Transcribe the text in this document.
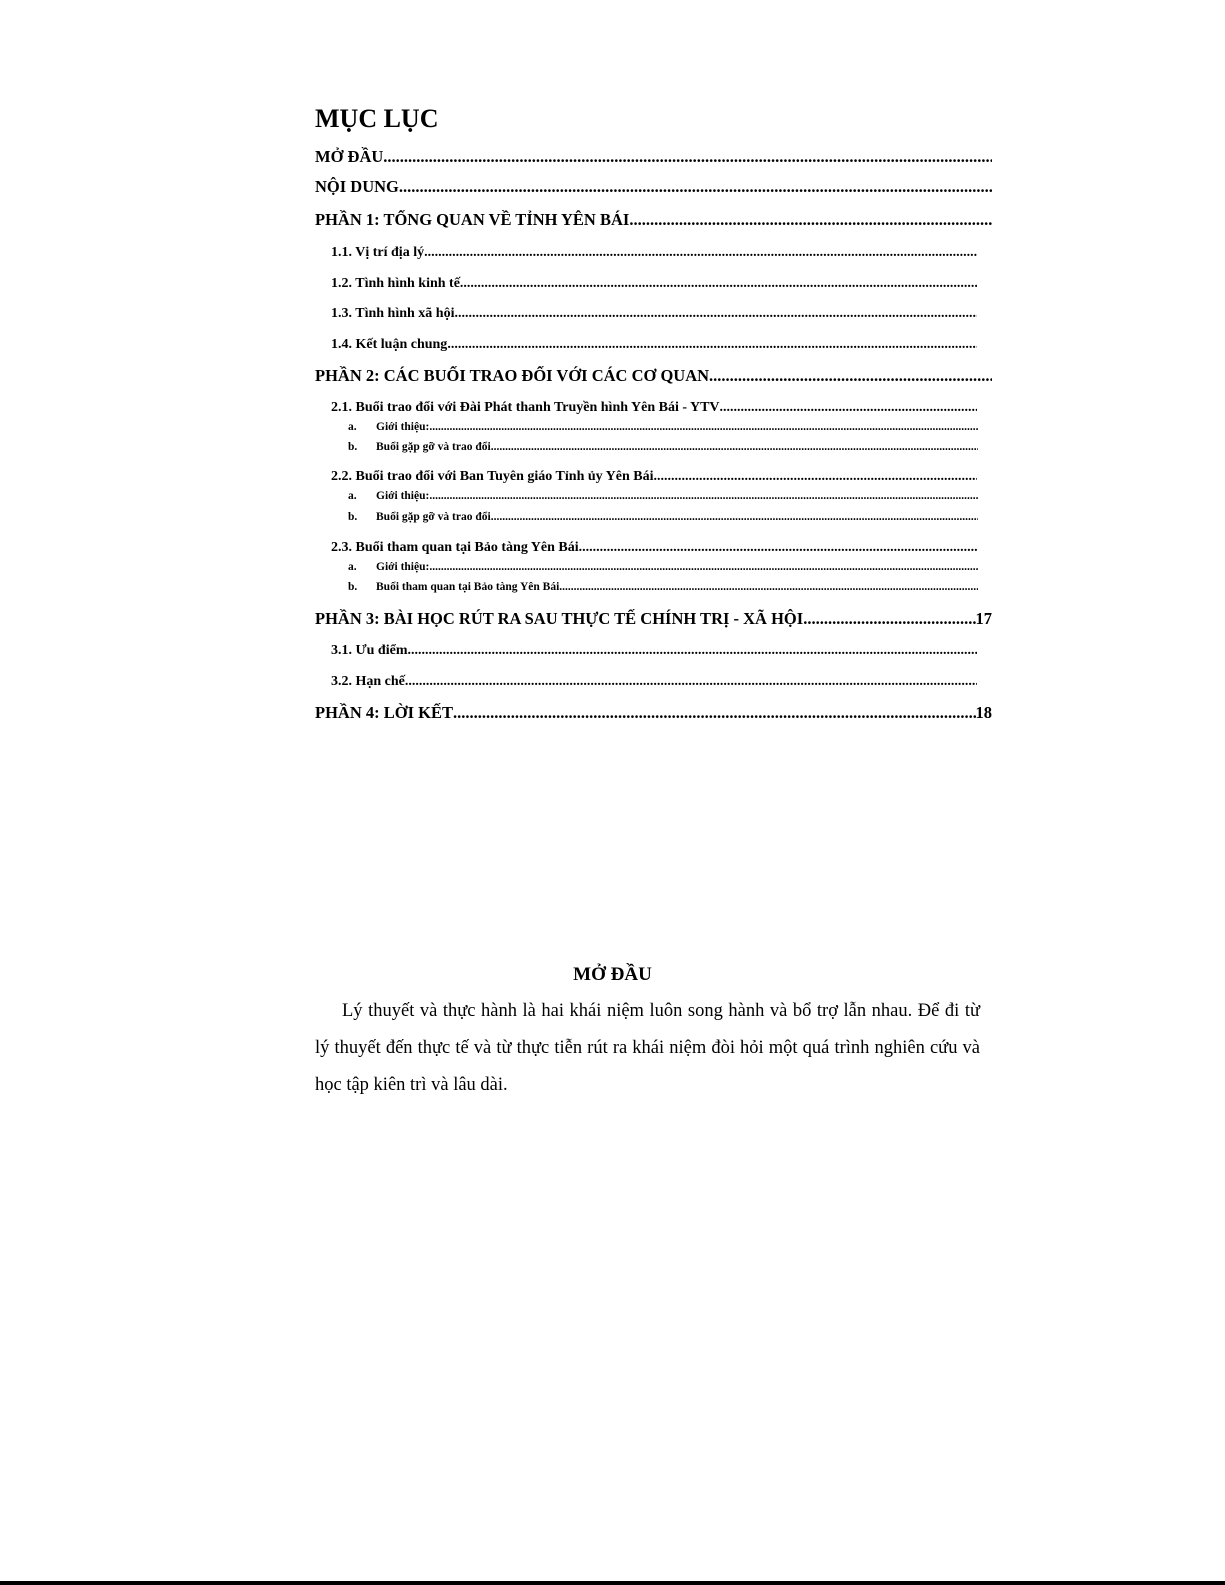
MỤC LỤC
MỞ ĐẦU
.....
NỘI DUNG
.....
PHẦN 1: TỔNG QUAN VỀ TỈNH YÊN BÁI
.....
1.1. Vị trí địa lý
.....
1.2. Tình hình kinh tế
.....
1.3. Tình hình xã hội
.....
1.4. Kết luận chung
.....
PHẦN 2: CÁC BUỔI TRAO ĐỔI VỚI CÁC CƠ QUAN
.....
2.1. Buổi trao đổi với Đài Phát thanh Truyền hình Yên Bái - YTV
.....
a. Giới thiệu:
.....
b. Buổi gặp gỡ và trao đổi
.....
2.2. Buổi trao đổi với Ban Tuyên giáo Tỉnh ủy Yên Bái
.....
a. Giới thiệu:
.....
b. Buổi gặp gỡ và trao đổi
.....
2.3. Buổi tham quan tại Bảo tàng Yên Bái
.....
a. Giới thiệu:
.....
b. Buổi tham quan tại Bảo tàng Yên Bái
.....
PHẦN 3: BÀI HỌC RÚT RA SAU THỰC TẾ CHÍNH TRỊ - XÃ HỘI .....	17
3.1. Ưu điểm
.....
3.2. Hạn chế
.....
PHẦN 4: LỜI KẾT .....	18
MỞ ĐẦU

Lý thuyết và thực hành là hai khái niệm luôn song hành và bổ trợ lẫn nhau. Để đi từ lý thuyết đến thực tế và từ thực tiễn rút ra khái niệm đòi hỏi một quá trình nghiên cứu và học tập kiên trì và lâu dài.
